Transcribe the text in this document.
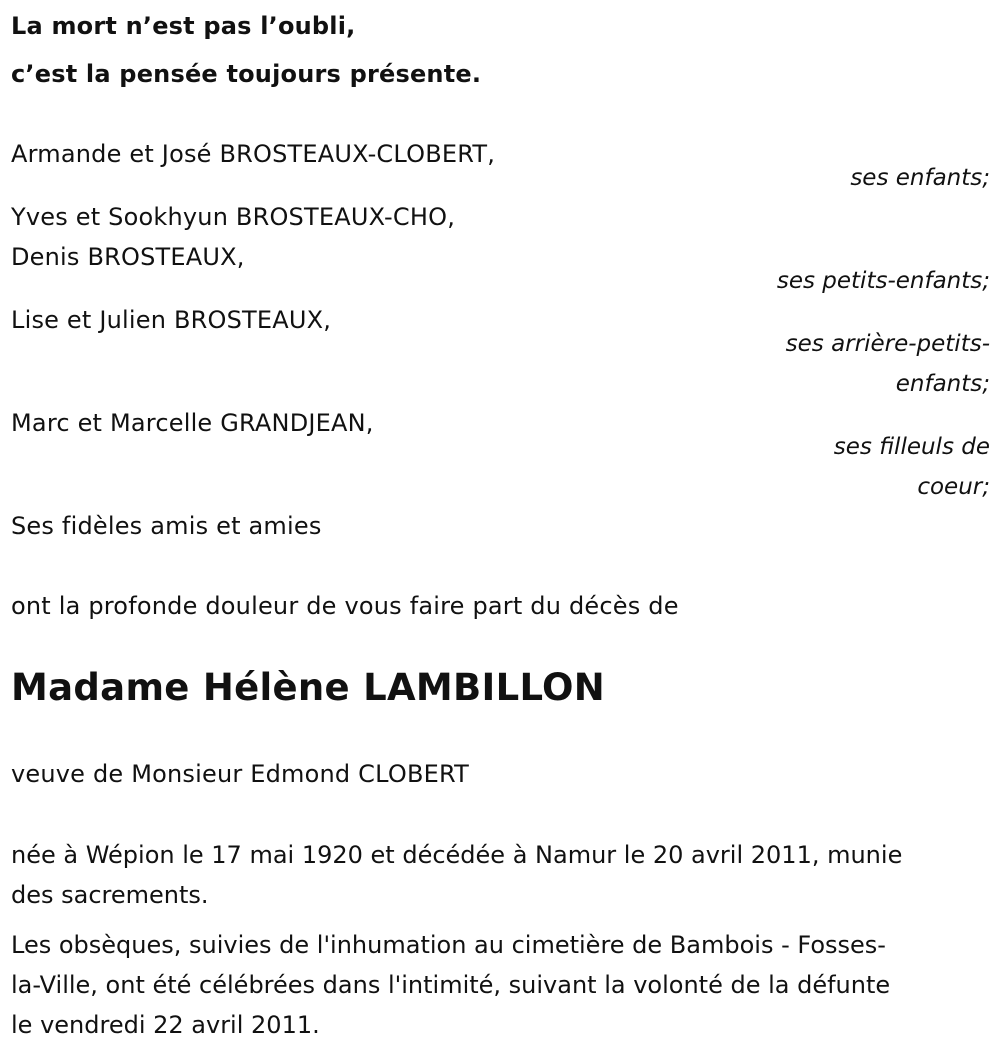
La mort n’est pas l’oubli,
c’est la pensée toujours présente.
Armande et José BROSTEAUX-CLOBERT,
ses enfants;
Yves et Sookhyun BROSTEAUX-CHO,
Denis BROSTEAUX,
ses petits-enfants;
Lise et Julien BROSTEAUX,
ses arrière-petits-
enfants;
Marc et Marcelle GRANDJEAN,
ses filleuls de
coeur;
Ses fidèles amis et amies
ont la profonde douleur de vous faire part du décès de
Madame Hélène LAMBILLON
veuve de Monsieur Edmond CLOBERT
née à Wépion le 17 mai 1920 et décédée à Namur le 20 avril 2011, munie
des sacrements.
Les obsèques, suivies de l'inhumation au cimetière de Bambois - Fosses-
la-Ville, ont été célébrées dans l'intimité, suivant la volonté de la défunte
le vendredi 22 avril 2011.
